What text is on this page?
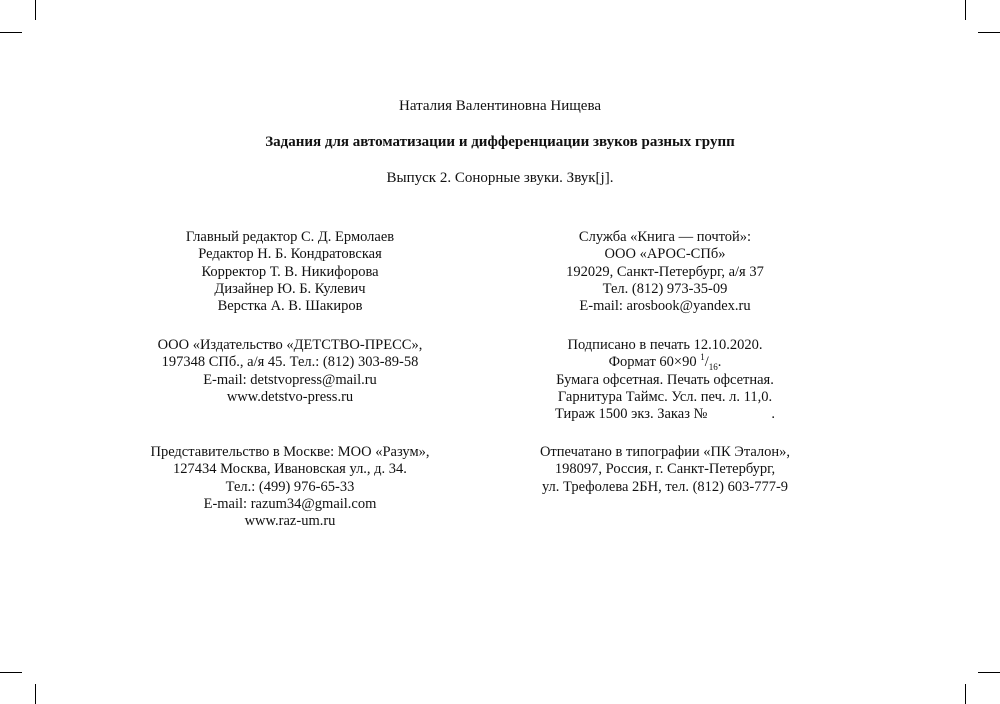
Наталия Валентиновна Нищева
Задания для автоматизации и дифференциации звуков разных групп
Выпуск 2. Сонорные звуки. Звук[j].
Главный редактор С. Д. Ермолаев
Редактор Н. Б. Кондратовская
Корректор Т. В. Никифорова
Дизайнер Ю. Б. Кулевич
Верстка А. В. Шакиров
ООО «Издательство «ДЕТСТВО-ПРЕСС»,
197348 СПб., а/я 45. Тел.: (812) 303-89-58
E-mail: detstvopress@mail.ru
www.detstvo-press.ru
Представительство в Москве: МОО «Разум»,
127434 Москва, Ивановская ул., д. 34.
Тел.: (499) 976-65-33
E-mail: razum34@gmail.com
www.raz-um.ru
Служба «Книга — почтой»:
ООО «АРОС-СПб»
192029, Санкт-Петербург, а/я 37
Тел. (812) 973-35-09
E-mail: arosbook@yandex.ru
Подписано в печать 12.10.2020.
Формат 60×90 $^1/_{16}$.
Бумага офсетная. Печать офсетная.
Гарнитура Таймс. Усл. печ. л. 11,0.
Тираж 1500 экз. Заказ №	.
Отпечатано в типографии «ПК Эталон»,
198097, Россия, г. Санкт-Петербург,
ул. Трефолева 2БН, тел. (812) 603-777-9
